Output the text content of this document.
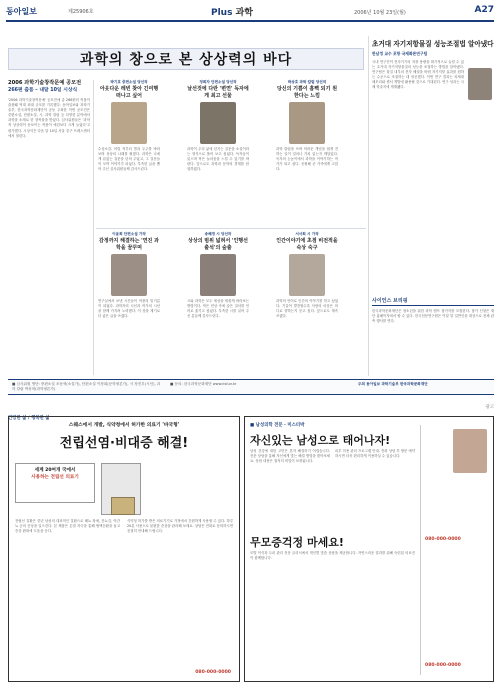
동아일보	제25906호	Plus 과학	2006년 10월 23일(월)	A27
과학의 창으로 본 상상력의 바다
2006 과학기술창작문예 공모전
266편 출품 – 내달 10일 시상식
'2006 과학기술창작문예' 공모전에 총 266편의 작품이 출품돼 역대 최대 규모를 기록했다. 동아일보와 과학기술부, 한국과학문화재단이 공동 주최한 이번 공모전은 중편소설, 단편소설, 시, 과학 칼럼 등 다양한 분야에서 과학을 소재로 한 창작물을 받았다. 심사위원들은 '과학적 상상력이 돋보이는 작품이 예년보다 크게 늘었다'고 평가했다. 시상식은 다음 달 10일 서울 중구 프레스센터에서 열린다.
박기호 중편소설 당선작
아웃다운 레빈 찾아 긴여행 떠나고 싶어
수상소감. 어릴 적부터 별과 우주를 바라보며 상상의 나래를 펼쳤다. 과학은 나에게 끝없는 질문을 던져 주었고, 그 질문들이 모여 이야기가 되었다. 부족한 글을 뽑아 주신 심사위원들께 감사드린다.
정희자 단편소설 당선작
날선것에 다란 '변연' 독자에게 최고 선물
과학이 우리 삶에 던지는 질문을 소설이라는 형식으로 풀어 보고 싶었다. 독자들이 읽으며 작은 놀라움을 느낄 수 있기를 바란다. 앞으로도 과학과 문학의 경계를 탐험하겠다.
박상호 과학 칼럼 당선작
당신의 기쁨이 흠뻑 되기 원한다는 느낌
과학 칼럼을 쓰며 어려운 개념을 쉽게 전하는 일이 얼마나 가치 있는지 깨달았다. 독자의 눈높이에서 과학을 이야기하는 작가가 되고 싶다. 응원해 준 가족에게 고맙다.
이윤희 단편소설 가작
감정까지 해결하는 '연진 과학을 꿈꾸며
연구실에서 보낸 시간들이 작품의 밑거름이 되었다. 과학자의 시선과 작가의 시선을 함께 가지려 노력했다. 이 상을 계기로 더 좋은 글을 쓰겠다.
송혜경 시 당선작
상상의 범위 넓혀서 '인행선 출석'의 숲출
시와 과학은 모두 세상을 새롭게 바라보는 방법이다. 작은 현상 속에 숨은 질서를 언어로 옮기고 싶었다. 부족한 시를 읽어 주신 분들께 감사드린다.
서서희 시 가작
인간이야기에 초점 비전적을 숙상 숙구
과학의 언어로 인간의 이야기를 하고 싶었다. 기술이 발전할수록 사람의 마음은 어디로 향하는지 묻고 싶다. 앞으로도 계속 쓰겠다.
초거대 자기저항물질 성능조절법 알아냈다
한남정 교수 포항 국제화론연구팀
국내 연구진이 전자기기의 저장 용량을 획기적으로 늘릴 수 있는 초거대 자기저항물질의 성능을 조절하는 방법을 알아냈다. 연구팀은 물질 내부의 전자 배열을 바꿔 자기저항 효과를 원하는 수준으로 조절하는 데 성공했다. 이번 연구 결과는 차세대 메모리와 센서 개발에 활용될 것으로 기대된다. 연구 성과는 국제 학술지에 게재됐다.
사이언스 브리핑
한국과학문화재단은 청소년을 위한 과학 캠프 참가자를 모집한다. 참가 신청은 재단 홈페이지에서 할 수 있다. 한국천문연구원은 이달 말 일반인을 대상으로 천체 관측 행사를 연다.
■ 심사위원 명단: 중편소설 조동혁(소설가), 단편소설 이정희(문학평론가), 시 정진우(시인), 과학 칼럼 박상혁(과학평론가)
■ 문의: 한국과학문화재단 www.ksf.or.kr	주최 동아일보 과학기술부 한국과학문화재단
건강한 삶 / 행복한 삶
광고
스웨스에서 개발, 식약청에서 허가한 의료기 '바국형'
전립선염·비대증 해결!
세계 20여개 국에서
사용하는 전립선 의료기
전립선 질환은 중년 남성의 대표적인 질환으로 배뇨 장애, 잔뇨감, 야간뇨 등의 증상을 일으킨다. 본 제품은 온열 자극을 통해 혈액순환을 돕고 증상 완화에 도움을 준다.
식약청 허가를 받은 의료기기로 가정에서 간편하게 사용할 수 있다. 하루 20분 사용으로 불편한 증상을 관리해 보세요. 상담은 전화로 문의하시면 친절히 안내해 드립니다.
080-000-0000
■ 남성의학 전문 · 미스터박
자신있는 남성으로 태어나자!
남성 건강에 대한 고민은 혼자 해결하기 어렵습니다. 전문 상담을 통해 자신에게 맞는 해결 방법을 찾아보세요. 상담 내용은 철저히 비밀이 보장됩니다.
피부 미용 관리 프로그램 안내. 전화 상담 후 방문 예약하시면 더욱 편리하게 이용하실 수 있습니다.
080-000-0000
무모증걱정 마세요!
모발 이식과 두피 관리 전문 클리닉에서 개인별 맞춤 상담을 제공합니다. 자연스러운 결과를 위해 숙련된 의료진이 함께합니다.
080-000-0000
